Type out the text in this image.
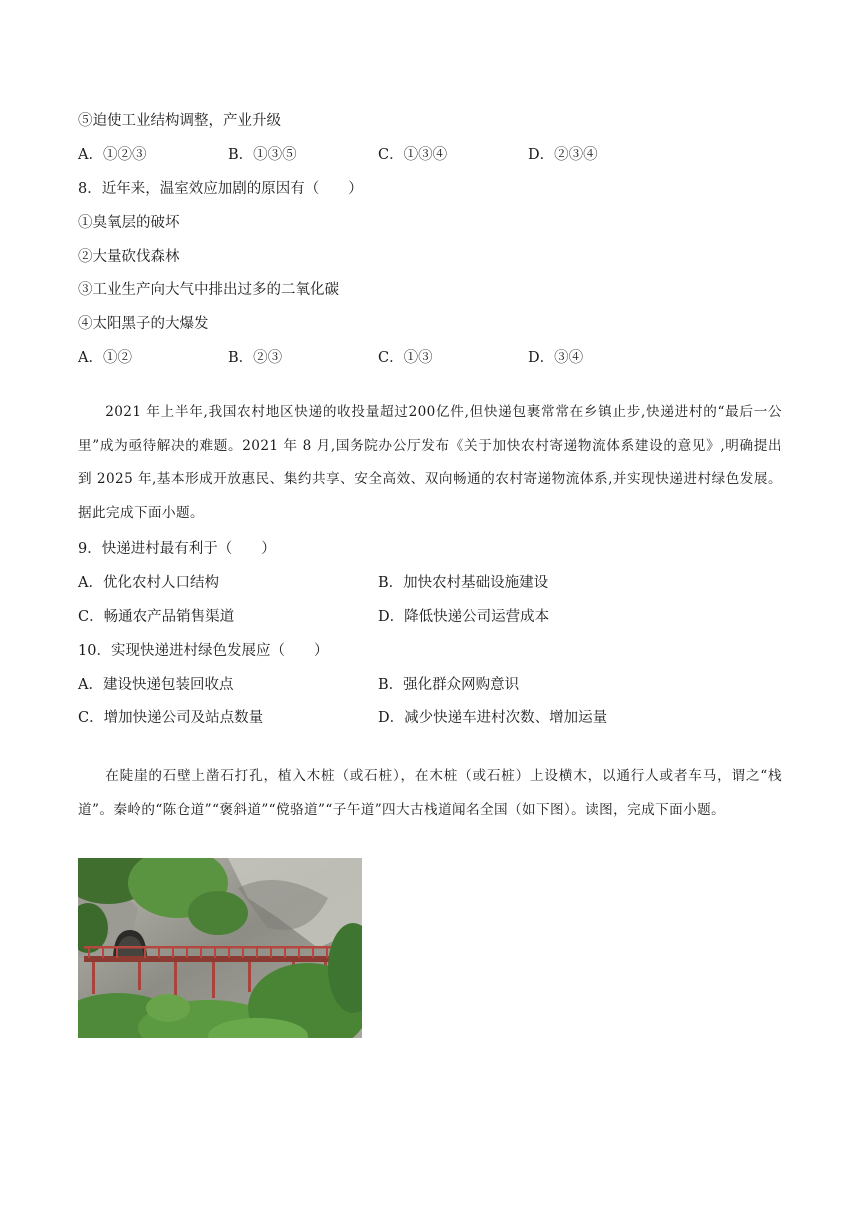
⑤迫使工业结构调整，产业升级
A．①②③	B．①③⑤	C．①③④	D．②③④
8．近年来，温室效应加剧的原因有（　　）
①臭氧层的破坏
②大量砍伐森林
③工业生产向大气中排出过多的二氧化碳
④太阳黑子的大爆发
A．①②	B．②③	C．①③	D．③④
2021 年上半年,我国农村地区快递的收投量超过200亿件,但快递包裹常常在乡镇止步,快递进村的“最后一公里”成为亟待解决的难题。2021 年 8 月,国务院办公厅发布《关于加快农村寄递物流体系建设的意见》,明确提出到 2025 年,基本形成开放惠民、集约共享、安全高效、双向畅通的农村寄递物流体系,并实现快递进村绿色发展。据此完成下面小题。
9．快递进村最有利于（　　）
A．优化农村人口结构	B．加快农村基础设施建设
C．畅通农产品销售渠道	D．降低快递公司运营成本
10．实现快递进村绿色发展应（　　）
A．建设快递包装回收点	B．强化群众网购意识
C．增加快递公司及站点数量	D．减少快递车进村次数、增加运量
在陡崖的石壁上凿石打孔，植入木桩（或石桩），在木桩（或石桩）上设横木，以通行人或者车马，谓之“栈道”。秦岭的“陈仓道”“褒斜道”“傥骆道”“子午道”四大古栈道闻名全国（如下图）。读图，完成下面小题。
